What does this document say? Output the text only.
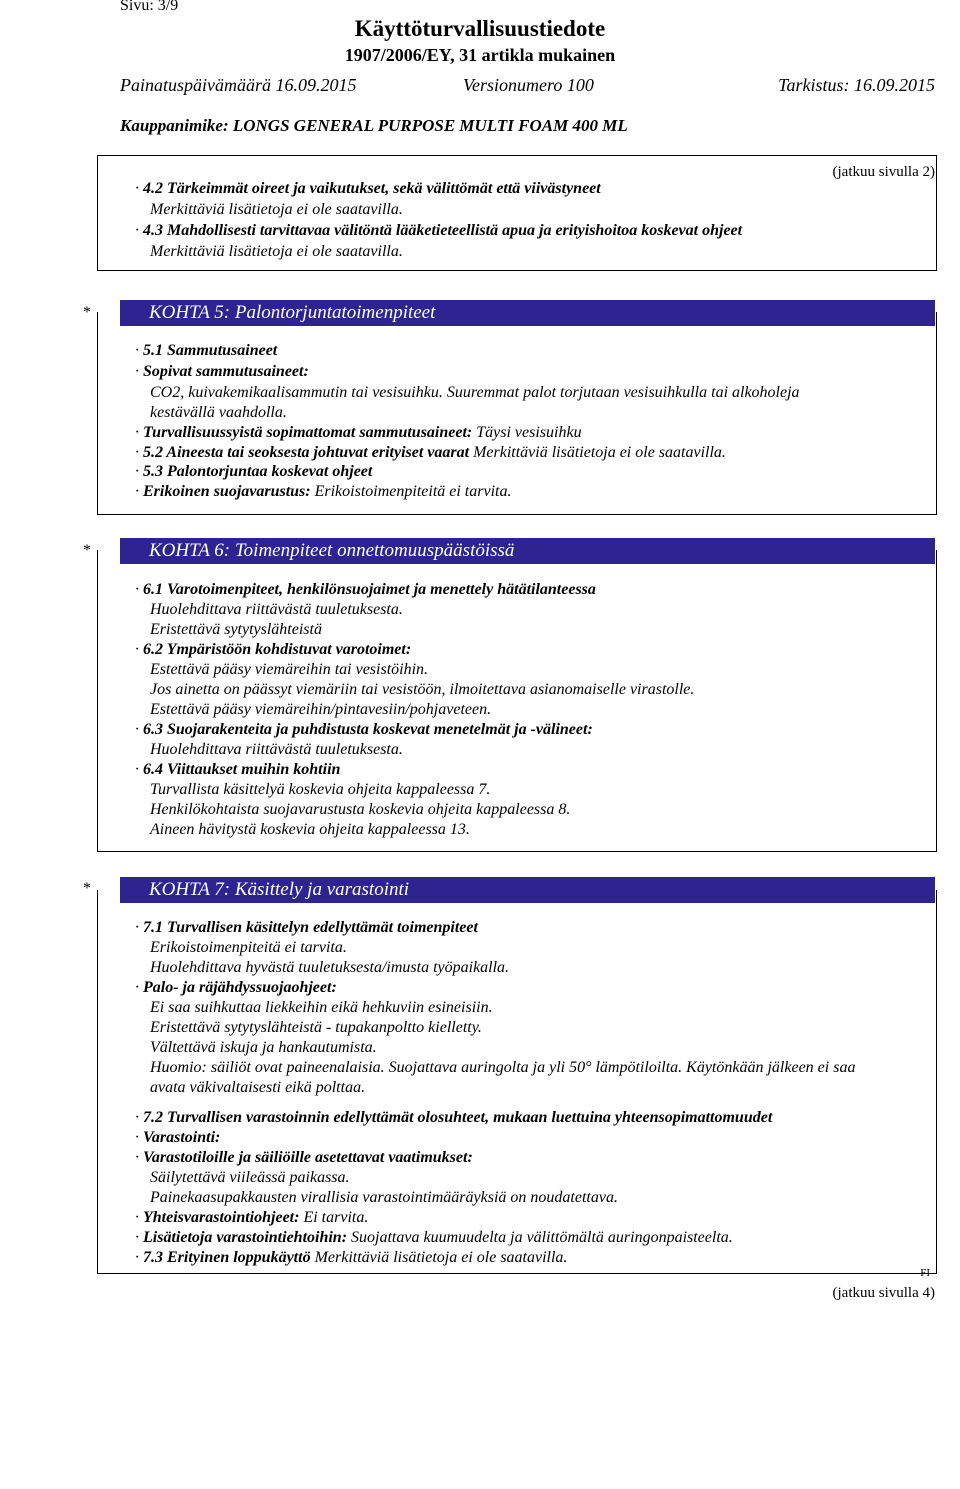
Sivu: 3/9
Käyttöturvallisuustiedote
1907/2006/EY, 31 artikla mukainen
Painatuspäivämäärä 16.09.2015	Versionumero 100	Tarkistus: 16.09.2015
Kauppanimike: LONGS GENERAL PURPOSE MULTI FOAM 400 ML
(jatkuu sivulla 2)
· 4.2 Tärkeimmät oireet ja vaikutukset, sekä välittömät että viivästyneet
Merkittäviä lisätietoja ei ole saatavilla.
· 4.3 Mahdollisesti tarvittavaa välitöntä lääketieteellistä apua ja erityishoitoa koskevat ohjeet
Merkittäviä lisätietoja ei ole saatavilla.
*	KOHTA 5: Palontorjuntatoimenpiteet
· 5.1 Sammutusaineet
· Sopivat sammutusaineet:
CO2, kuivakemikaalisammutin tai vesisuihku. Suuremmat palot torjutaan vesisuihkulla tai alkoholeja
kestävällä vaahdolla.
· Turvallisuussyistä sopimattomat sammutusaineet: Täysi vesisuihku
· 5.2 Aineesta tai seoksesta johtuvat erityiset vaarat Merkittäviä lisätietoja ei ole saatavilla.
· 5.3 Palontorjuntaa koskevat ohjeet
· Erikoinen suojavarustus: Erikoistoimenpiteitä ei tarvita.
*	KOHTA 6: Toimenpiteet onnettomuuspäästöissä
· 6.1 Varotoimenpiteet, henkilönsuojaimet ja menettely hätätilanteessa
Huolehdittava riittävästä tuuletuksesta.
Eristettävä sytytyslähteistä
· 6.2 Ympäristöön kohdistuvat varotoimet:
Estettävä pääsy viemäreihin tai vesistöihin.
Jos ainetta on päässyt viemäriin tai vesistöön, ilmoitettava asianomaiselle virastolle.
Estettävä pääsy viemäreihin/pintavesiin/pohjaveteen.
· 6.3 Suojarakenteita ja puhdistusta koskevat menetelmät ja -välineet:
Huolehdittava riittävästä tuuletuksesta.
· 6.4 Viittaukset muihin kohtiin
Turvallista käsittelyä koskevia ohjeita kappaleessa 7.
Henkilökohtaista suojavarustusta koskevia ohjeita kappaleessa 8.
Aineen hävitystä koskevia ohjeita kappaleessa 13.
*	KOHTA 7: Käsittely ja varastointi
· 7.1 Turvallisen käsittelyn edellyttämät toimenpiteet
Erikoistoimenpiteitä ei tarvita.
Huolehdittava hyvästä tuuletuksesta/imusta työpaikalla.
· Palo- ja räjähdyssuojaohjeet:
Ei saa suihkuttaa liekkeihin eikä hehkuviin esineisiin.
Eristettävä sytytyslähteistä - tupakanpoltto kielletty.
Vältettävä iskuja ja hankautumista.
Huomio: säiliöt ovat paineenalaisia. Suojattava auringolta ja yli 50° lämpötiloilta. Käytönkään jälkeen ei saa
avata väkivaltaisesti eikä polttaa.
· 7.2 Turvallisen varastoinnin edellyttämät olosuhteet, mukaan luettuina yhteensopimattomuudet
· Varastointi:
· Varastotiloille ja säiliöille asetettavat vaatimukset:
Säilytettävä viileässä paikassa.
Painekaasupakkausten virallisia varastointimääräyksiä on noudatettava.
· Yhteisvarastointiohjeet: Ei tarvita.
· Lisätietoja varastointiehtoihin: Suojattava kuumuudelta ja välittömältä auringonpaisteelta.
· 7.3 Erityinen loppukäyttö Merkittäviä lisätietoja ei ole saatavilla.
FI
(jatkuu sivulla 4)
